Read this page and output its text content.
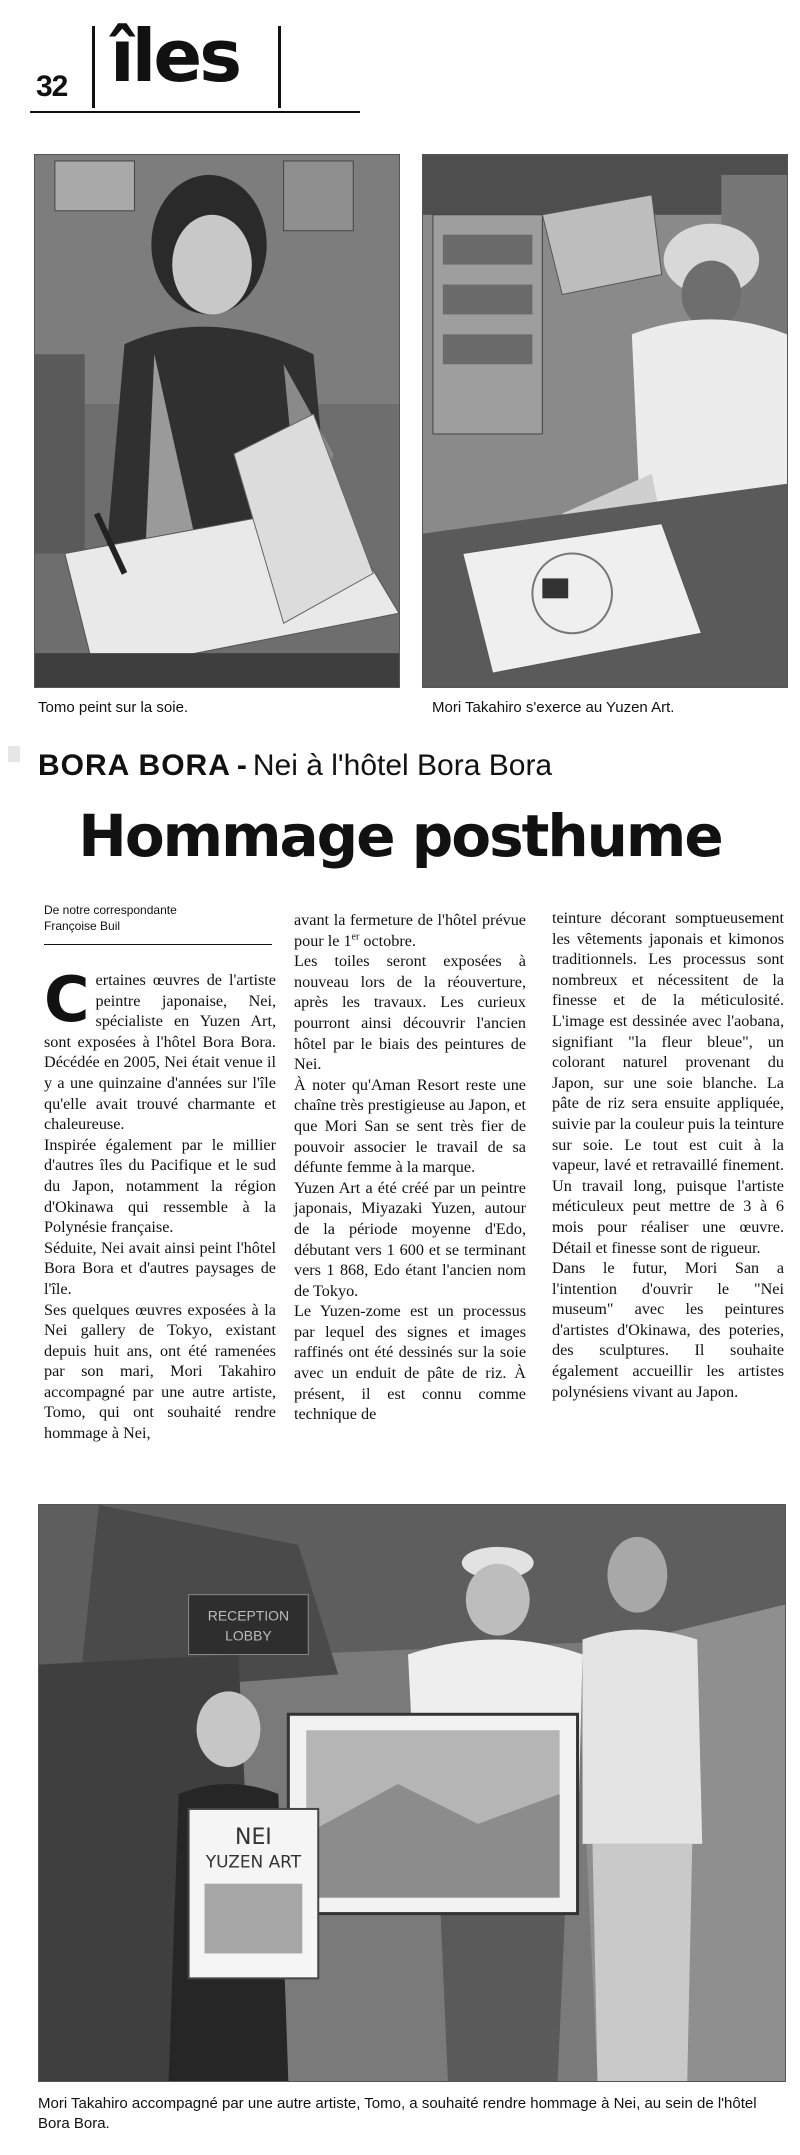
32 îles
Tomo peint sur la soie.	Mori Takahiro s'exerce au Yuzen Art.
BORA BORA - Nei à l'hôtel Bora Bora
Hommage posthume
De notre correspondante
Françoise Buil

Certaines œuvres de l'artiste peintre japonaise, Nei, spécialiste en Yuzen Art, sont exposées à l'hôtel Bora Bora. Décédée en 2005, Nei était venue il y a une quinzaine d'années sur l'île qu'elle avait trouvé charmante et chaleureuse.

Inspirée également par le millier d'autres îles du Pacifique et le sud du Japon, notamment la région d'Okinawa qui ressemble à la Polynésie française.

Séduite, Nei avait ainsi peint l'hôtel Bora Bora et d'autres paysages de l'île.

Ses quelques œuvres exposées à la Nei gallery de Tokyo, existant depuis huit ans, ont été ramenées par son mari, Mori Takahiro accompagné par une autre artiste, Tomo, qui ont souhaité rendre hommage à Nei,

avant la fermeture de l'hôtel prévue pour le 1er octobre.

Les toiles seront exposées à nouveau lors de la réouverture, après les travaux. Les curieux pourront ainsi découvrir l'ancien hôtel par le biais des peintures de Nei.

À noter qu'Aman Resort reste une chaîne très prestigieuse au Japon, et que Mori San se sent très fier de pouvoir associer le travail de sa défunte femme à la marque.

Yuzen Art a été créé par un peintre japonais, Miyazaki Yuzen, autour de la période moyenne d'Edo, débutant vers 1 600 et se terminant vers 1 868, Edo étant l'ancien nom de Tokyo.

Le Yuzen-zome est un processus par lequel des signes et images raffinés ont été dessinés sur la soie avec un enduit de pâte de riz. À présent, il est connu comme technique de

teinture décorant somptueusement les vêtements japonais et kimonos traditionnels. Les processus sont nombreux et nécessitent de la finesse et de la méticulosité. L'image est dessinée avec l'aobana, signifiant "la fleur bleue", un colorant naturel provenant du Japon, sur une soie blanche. La pâte de riz sera ensuite appliquée, suivie par la couleur puis la teinture sur soie. Le tout est cuit à la vapeur, lavé et retravaillé finement. Un travail long, puisque l'artiste méticuleux peut mettre de 3 à 6 mois pour réaliser une œuvre. Détail et finesse sont de rigueur.

Dans le futur, Mori San a l'intention d'ouvrir le "Nei museum" avec les peintures d'artistes d'Okinawa, des poteries, des sculptures. Il souhaite également accueillir les artistes polynésiens vivant au Japon.

RECEPTION
LOBBY
NEI
YUZEN ART
Mori Takahiro accompagné par une autre artiste, Tomo, a souhaité rendre hommage à Nei, au sein de l'hôtel Bora Bora.
